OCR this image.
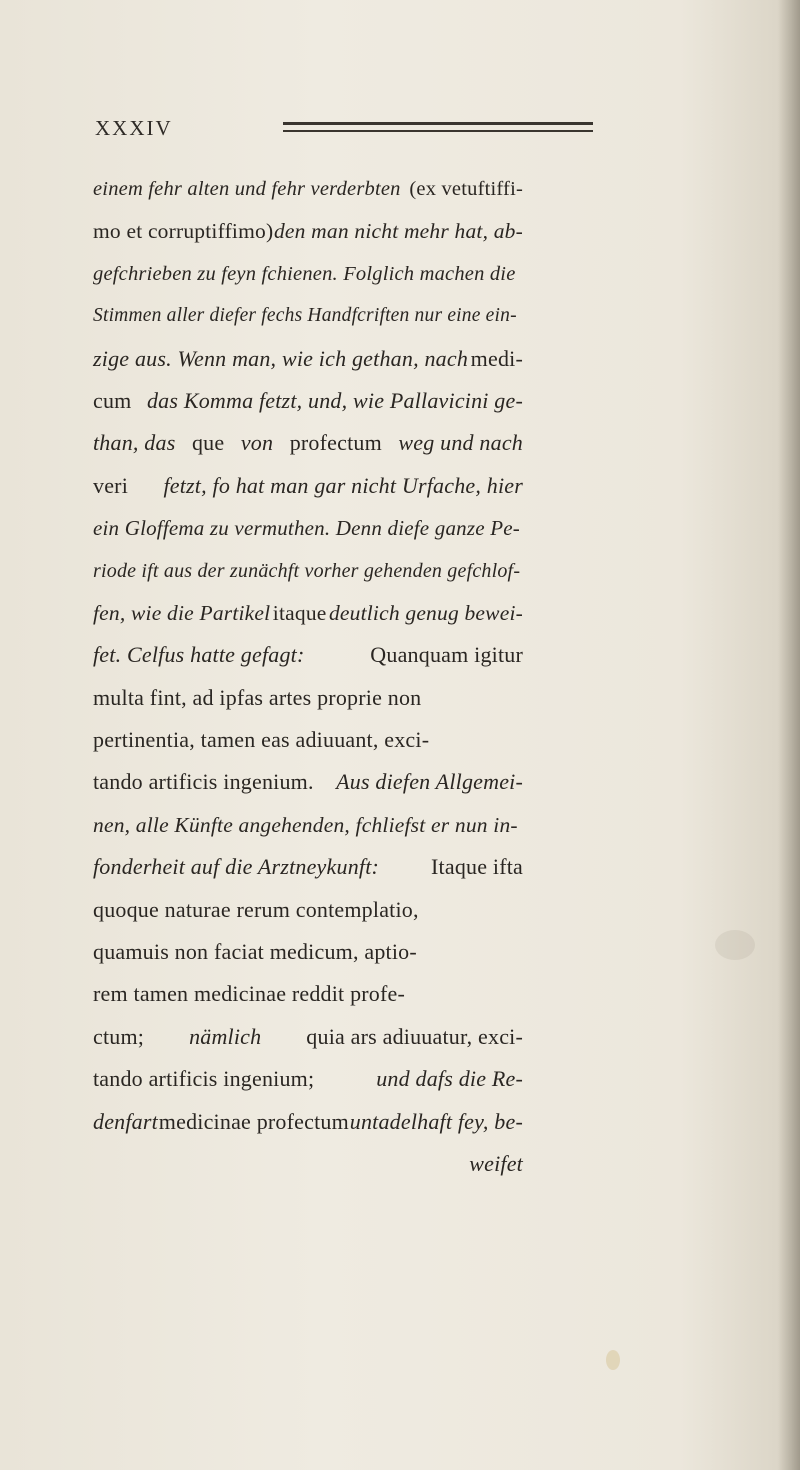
XXXIV
einem fehr alten und fehr verderbten (ex vetuftiffi-
mo et corruptiffimo) den man nicht mehr hat, ab-
gefchrieben zu feyn fchienen. Folglich machen die
Stimmen aller diefer fechs Handfcriften nur eine ein-
zige aus. Wenn man, wie ich gethan, nach medi-
cum das Komma fetzt, und, wie Pallavicini ge-
than, das que von profectum weg und nach
veri fetzt, fo hat man gar nicht Urfache, hier
ein Gloffema zu vermuthen. Denn diefe ganze Pe-
riode ift aus der zunächft vorher gehenden gefchlof-
fen, wie die Partikel itaque deutlich genug bewei-
fet. Celfus hatte gefagt:	Quanquam igitur
multa fint, ad ipfas artes proprie non
pertinentia, tamen eas adiuuant, exci-
tando artificis ingenium. Aus diefen Allgemei-
nen, alle Künfte angehenden, fchliefst er nun in-
fonderheit auf die Arztneykunft: Itaque ifta
quoque naturae rerum contemplatio,
quamuis non faciat medicum, aptio-
rem tamen medicinae reddit profe-
ctum; nämlich quia ars adiuuatur, exci-
tando artificis ingenium;	und dafs die Re-
denfart medicinae profectum untadelhaft fey, be-
weifet
